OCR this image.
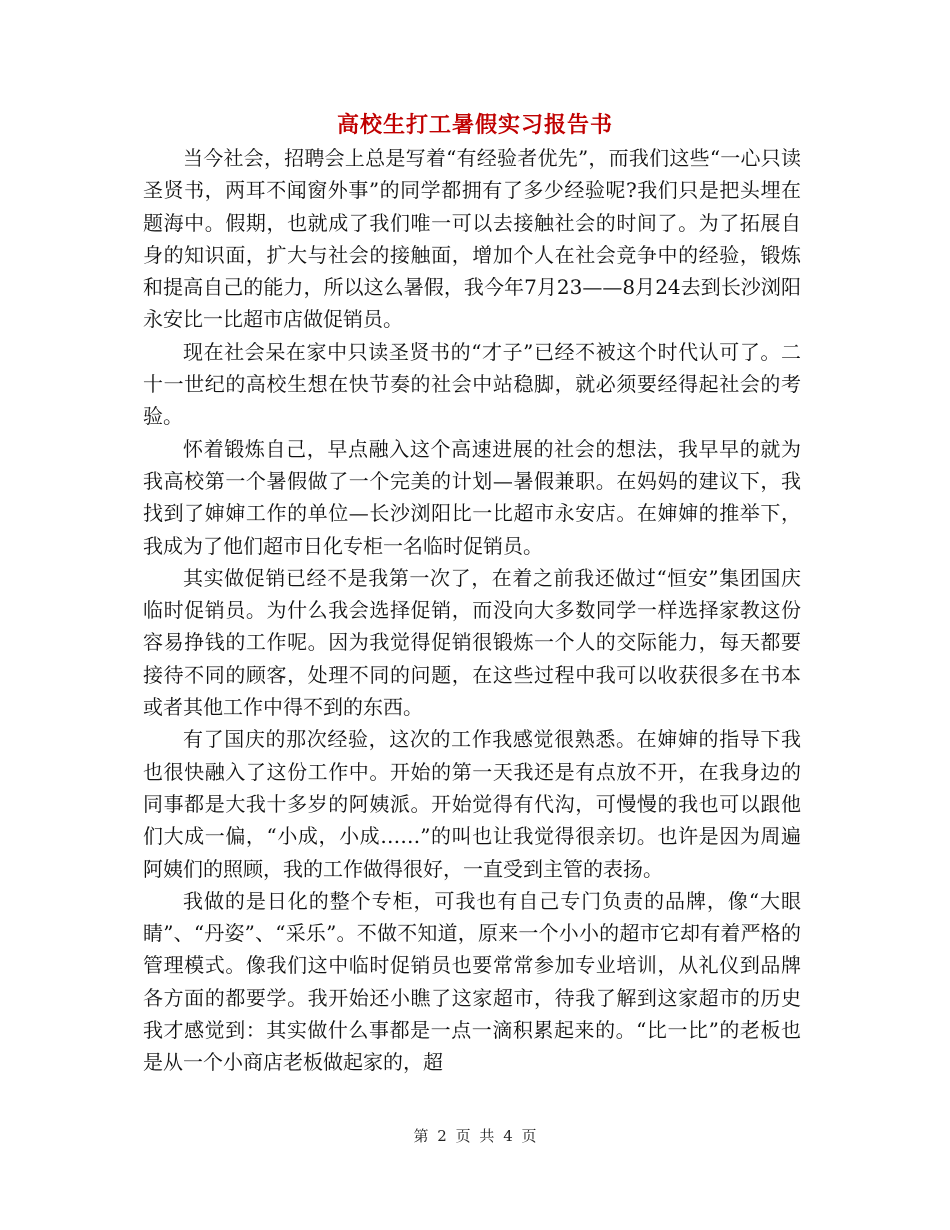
高校生打工暑假实习报告书

当今社会，招聘会上总是写着“有经验者优先”，而我们这些“一心只读圣贤书，两耳不闻窗外事”的同学都拥有了多少经验呢?我们只是把头埋在题海中。假期，也就成了我们唯一可以去接触社会的时间了。为了拓展自身的知识面，扩大与社会的接触面，增加个人在社会竞争中的经验，锻炼和提高自己的能力，所以这么暑假，我今年7月23——8月24去到长沙浏阳永安比一比超市店做促销员。

现在社会呆在家中只读圣贤书的“才子”已经不被这个时代认可了。二十一世纪的高校生想在快节奏的社会中站稳脚，就必须要经得起社会的考验。

怀着锻炼自己，早点融入这个高速进展的社会的想法，我早早的就为我高校第一个暑假做了一个完美的计划—暑假兼职。在妈妈的建议下，我找到了婶婶工作的单位—长沙浏阳比一比超市永安店。在婶婶的推举下，我成为了他们超市日化专柜一名临时促销员。

其实做促销已经不是我第一次了，在着之前我还做过“恒安”集团国庆临时促销员。为什么我会选择促销，而没向大多数同学一样选择家教这份容易挣钱的工作呢。因为我觉得促销很锻炼一个人的交际能力，每天都要接待不同的顾客，处理不同的问题，在这些过程中我可以收获很多在书本或者其他工作中得不到的东西。

有了国庆的那次经验，这次的工作我感觉很熟悉。在婶婶的指导下我也很快融入了这份工作中。开始的第一天我还是有点放不开，在我身边的同事都是大我十多岁的阿姨派。开始觉得有代沟，可慢慢的我也可以跟他们大成一偏，“小成，小成……”的叫也让我觉得很亲切。也许是因为周遍阿姨们的照顾，我的工作做得很好，一直受到主管的表扬。

我做的是日化的整个专柜，可我也有自己专门负责的品牌，像“大眼睛”、“丹姿”、“采乐”。不做不知道，原来一个小小的超市它却有着严格的管理模式。像我们这中临时促销员也要常常参加专业培训，从礼仪到品牌各方面的都要学。我开始还小瞧了这家超市，待我了解到这家超市的历史我才感觉到：其实做什么事都是一点一滴积累起来的。“比一比”的老板也是从一个小商店老板做起家的，超

第 2 页 共 4 页
